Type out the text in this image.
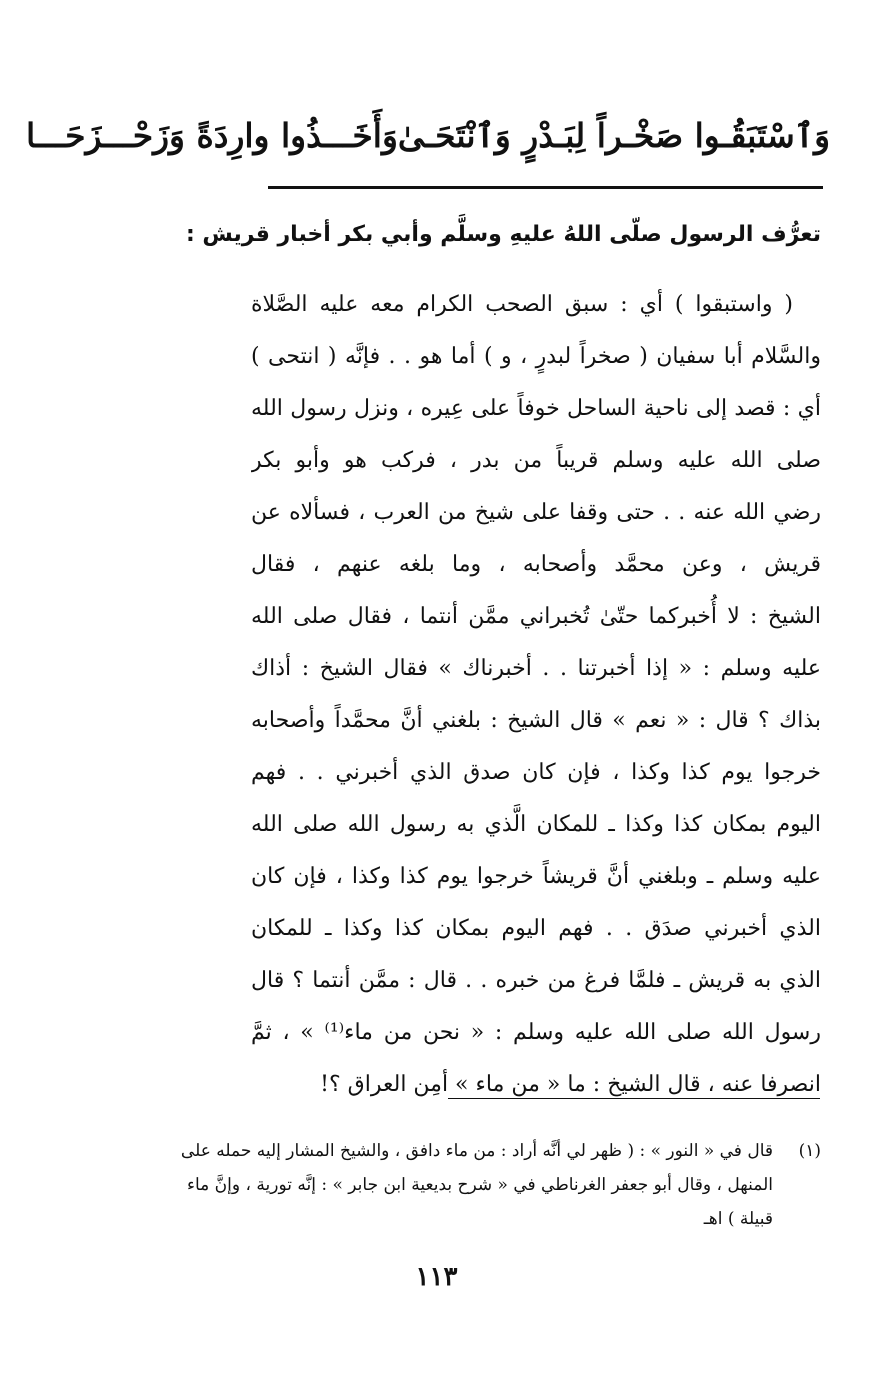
وَٱسْتَبَقُـوا صَخْـراً لِبَـدْرٍ وَٱنْتَحَـىٰ
وَأَخَـــذُوا وارِدَةً وَزَحْـــزَحَـــا
تعرُّف الرسول صلّى اللهُ عليهِ وسلَّم وأبي بكر أخبار قريش :
( واستبقوا ) أي : سبق الصحب الكرام معه عليه الصَّلاة
والسَّلام أبا سفيان ( صخراً لبدرٍ ، و ) أما هو . . فإنَّه ( انتحى )
أي : قصد إلى ناحية الساحل خوفاً على عِيره ، ونزل رسول الله
صلى الله عليه وسلم قريباً من بدر ، فركب هو وأبو بكر
رضي الله عنه . . حتى وقفا على شيخ من العرب ، فسألاه عن
قريش ، وعن محمَّد وأصحابه ، وما بلغه عنهم ، فقال
الشيخ : لا أُخبركما حتّىٰ تُخبراني ممَّن أنتما ، فقال صلى الله
عليه وسلم : « إذا أخبرتنا . . أخبرناك » فقال الشيخ : أذاك
بذاك ؟ قال : « نعم » قال الشيخ : بلغني أنَّ محمَّداً وأصحابه
خرجوا يوم كذا وكذا ، فإن كان صدق الذي أخبرني . . فهم
اليوم بمكان كذا وكذا ـ للمكان الَّذي به رسول الله صلى الله
عليه وسلم ـ وبلغني أنَّ قريشاً خرجوا يوم كذا وكذا ، فإن كان
الذي أخبرني صدَق . . فهم اليوم بمكان كذا وكذا ـ للمكان
الذي به قريش ـ فلمَّا فرغ من خبره . . قال : ممَّن أنتما ؟ قال
رسول الله صلى الله عليه وسلم : « نحن من ماء⁽¹⁾ » ، ثمَّ
انصرفا عنه ، قال الشيخ : ما « من ماء » أمِن العراق ؟!
(١)قال في « النور » : ( ظهر لي أنَّه أراد : من ماء دافق ، والشيخ المشار إليه حمله على
المنهل ، وقال أبو جعفر الغرناطي في « شرح بديعية ابن جابر » : إنَّه تورية ، وإنَّ ماء
قبيلة ) اهـ
١١٣
